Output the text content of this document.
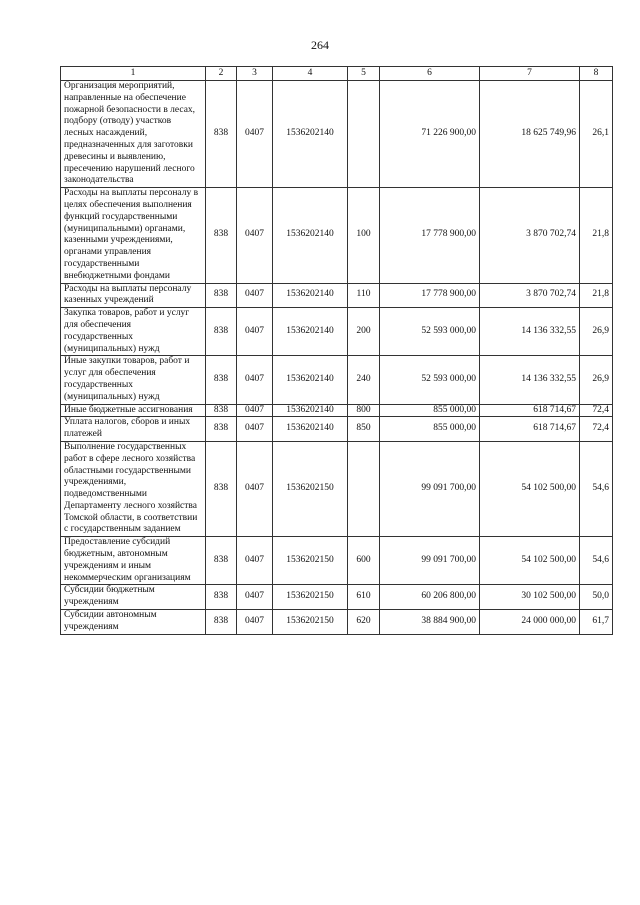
264
1	2	3	4	5	6	7	8
Организация мероприятий, направленные на обеспечение пожарной безопасности в лесах, подбору (отводу) участков лесных насаждений, предназначенных для заготовки древесины и выявлению, пресечению нарушений лесного законодательства	838	0407	1536202140		71 226 900,00	18 625 749,96	26,1
Расходы на выплаты персоналу в целях обеспечения выполнения функций государственными (муниципальными) органами, казенными учреждениями, органами управления государственными внебюджетными фондами	838	0407	1536202140	100	17 778 900,00	3 870 702,74	21,8
Расходы на выплаты персоналу казенных учреждений	838	0407	1536202140	110	17 778 900,00	3 870 702,74	21,8
Закупка товаров, работ и услуг для обеспечения государственных (муниципальных) нужд	838	0407	1536202140	200	52 593 000,00	14 136 332,55	26,9
Иные закупки товаров, работ и услуг для обеспечения государственных (муниципальных) нужд	838	0407	1536202140	240	52 593 000,00	14 136 332,55	26,9
Иные бюджетные ассигнования	838	0407	1536202140	800	855 000,00	618 714,67	72,4
Уплата налогов, сборов и иных платежей	838	0407	1536202140	850	855 000,00	618 714,67	72,4
Выполнение государственных работ в сфере лесного хозяйства областными государственными учреждениями, подведомственными Департаменту лесного хозяйства Томской области, в соответствии с государственным заданием	838	0407	1536202150		99 091 700,00	54 102 500,00	54,6
Предоставление субсидий бюджетным, автономным учреждениям и иным некоммерческим организациям	838	0407	1536202150	600	99 091 700,00	54 102 500,00	54,6
Субсидии бюджетным учреждениям	838	0407	1536202150	610	60 206 800,00	30 102 500,00	50,0
Субсидии автономным учреждениям	838	0407	1536202150	620	38 884 900,00	24 000 000,00	61,7
